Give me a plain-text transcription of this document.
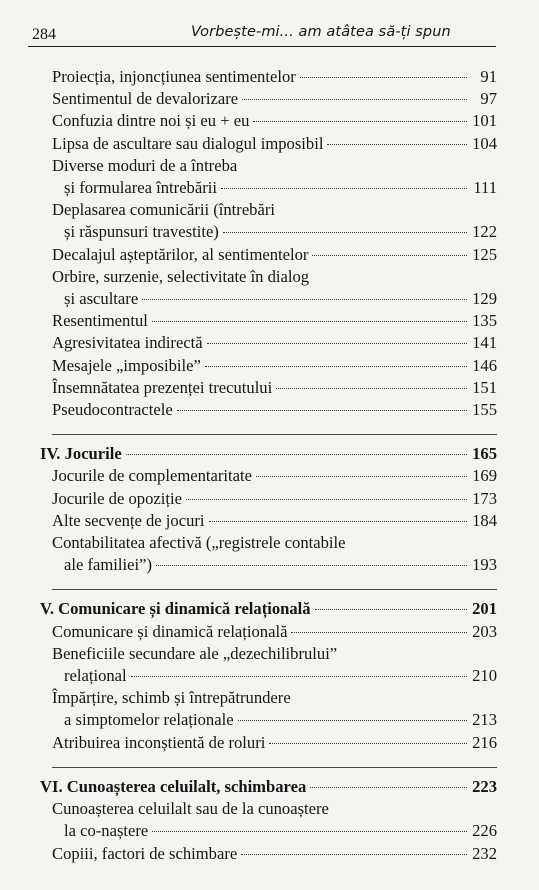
284	Vorbește-mi... am atâtea să-ți spun
Proiecția, injoncțiunea sentimentelor	91
Sentimentul de devalorizare	97
Confuzia dintre noi și eu + eu	101
Lipsa de ascultare sau dialogul imposibil	104
Diverse moduri de a întreba
și formularea întrebării	111
Deplasarea comunicării (întrebări
și răspunsuri travestite)	122
Decalajul așteptărilor, al sentimentelor	125
Orbire, surzenie, selectivitate în dialog
și ascultare	129
Resentimentul	135
Agresivitatea indirectă	141
Mesajele „imposibile”	146
Însemnătatea prezenței trecutului	151
Pseudocontractele	155
IV. Jocurile	165
Jocurile de complementaritate	169
Jocurile de opoziție	173
Alte secvențe de jocuri	184
Contabilitatea afectivă („registrele contabile
ale familiei”)	193
V. Comunicare și dinamică relațională	201
Comunicare și dinamică relațională	203
Beneficiile secundare ale „dezechilibrului”
relațional	210
Împărțire, schimb și întrepătrundere
a simptomelor relaționale	213
Atribuirea inconștientă de roluri	216
VI. Cunoașterea celuilalt, schimbarea	223
Cunoașterea celuilalt sau de la cunoaștere
la co-naștere	226
Copiii, factori de schimbare	232
